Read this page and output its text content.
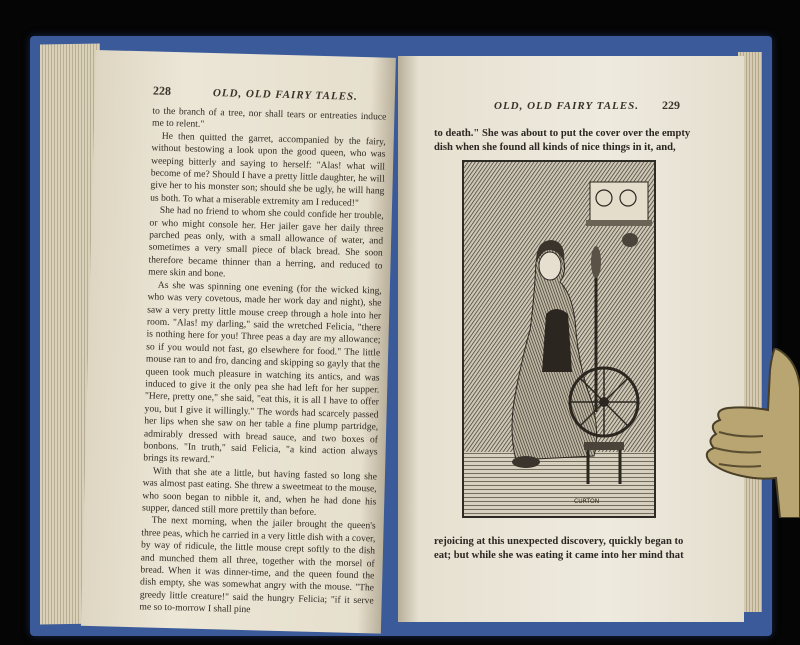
228	OLD, OLD FAIRY TALES.

to the branch of a tree, nor shall tears or entreaties induce me to relent."

He then quitted the garret, accompanied by the fairy, without bestowing a look upon the good queen, who was weeping bitterly and saying to herself: "Alas! what will become of me? Should I have a pretty little daughter, he will give her to his monster son; should she be ugly, he will hang us both. To what a miserable extremity am I reduced!"

She had no friend to whom she could confide her trouble, or who might console her. Her jailer gave her daily three parched peas only, with a small allowance of water, and sometimes a very small piece of black bread. She soon therefore became thinner than a herring, and reduced to mere skin and bone.

As she was spinning one evening (for the wicked king, who was very covetous, made her work day and night), she saw a very pretty little mouse creep through a hole into her room. "Alas! my darling," said the wretched Felicia, "there is nothing here for you! Three peas a day are my allowance; so if you would not fast, go elsewhere for food." The little mouse ran to and fro, dancing and skipping so gayly that the queen took much pleasure in watching its antics, and was induced to give it the only pea she had left for her supper. "Here, pretty one," she said, "eat this, it is all I have to offer you, but I give it willingly." The words had scarcely passed her lips when she saw on her table a fine plump partridge, admirably dressed with bread sauce, and two boxes of bonbons. "In truth," said Felicia, "a kind action always brings its reward."

With that she ate a little, but having fasted so long she was almost past eating. She threw a sweetmeat to the mouse, who soon began to nibble it, and, when he had done his supper, danced still more prettily than before.

The next morning, when the jailer brought the queen's three peas, which he carried in a very little dish with a cover, by way of ridicule, the little mouse crept softly to the dish and munched them all three, together with the morsel of bread. When it was dinner-time, and the queen found the dish empty, she was somewhat angry with the mouse. "The greedy little creature!" said the hungry Felicia; "if it serve me so to-morrow I shall pine

OLD, OLD FAIRY TALES. 229
to death." She was about to put the cover over the empty
dish when she found all kinds of nice things in it, and,
CURTON
rejoicing at this unexpected discovery, quickly began to
eat; but while she was eating it came into her mind that
